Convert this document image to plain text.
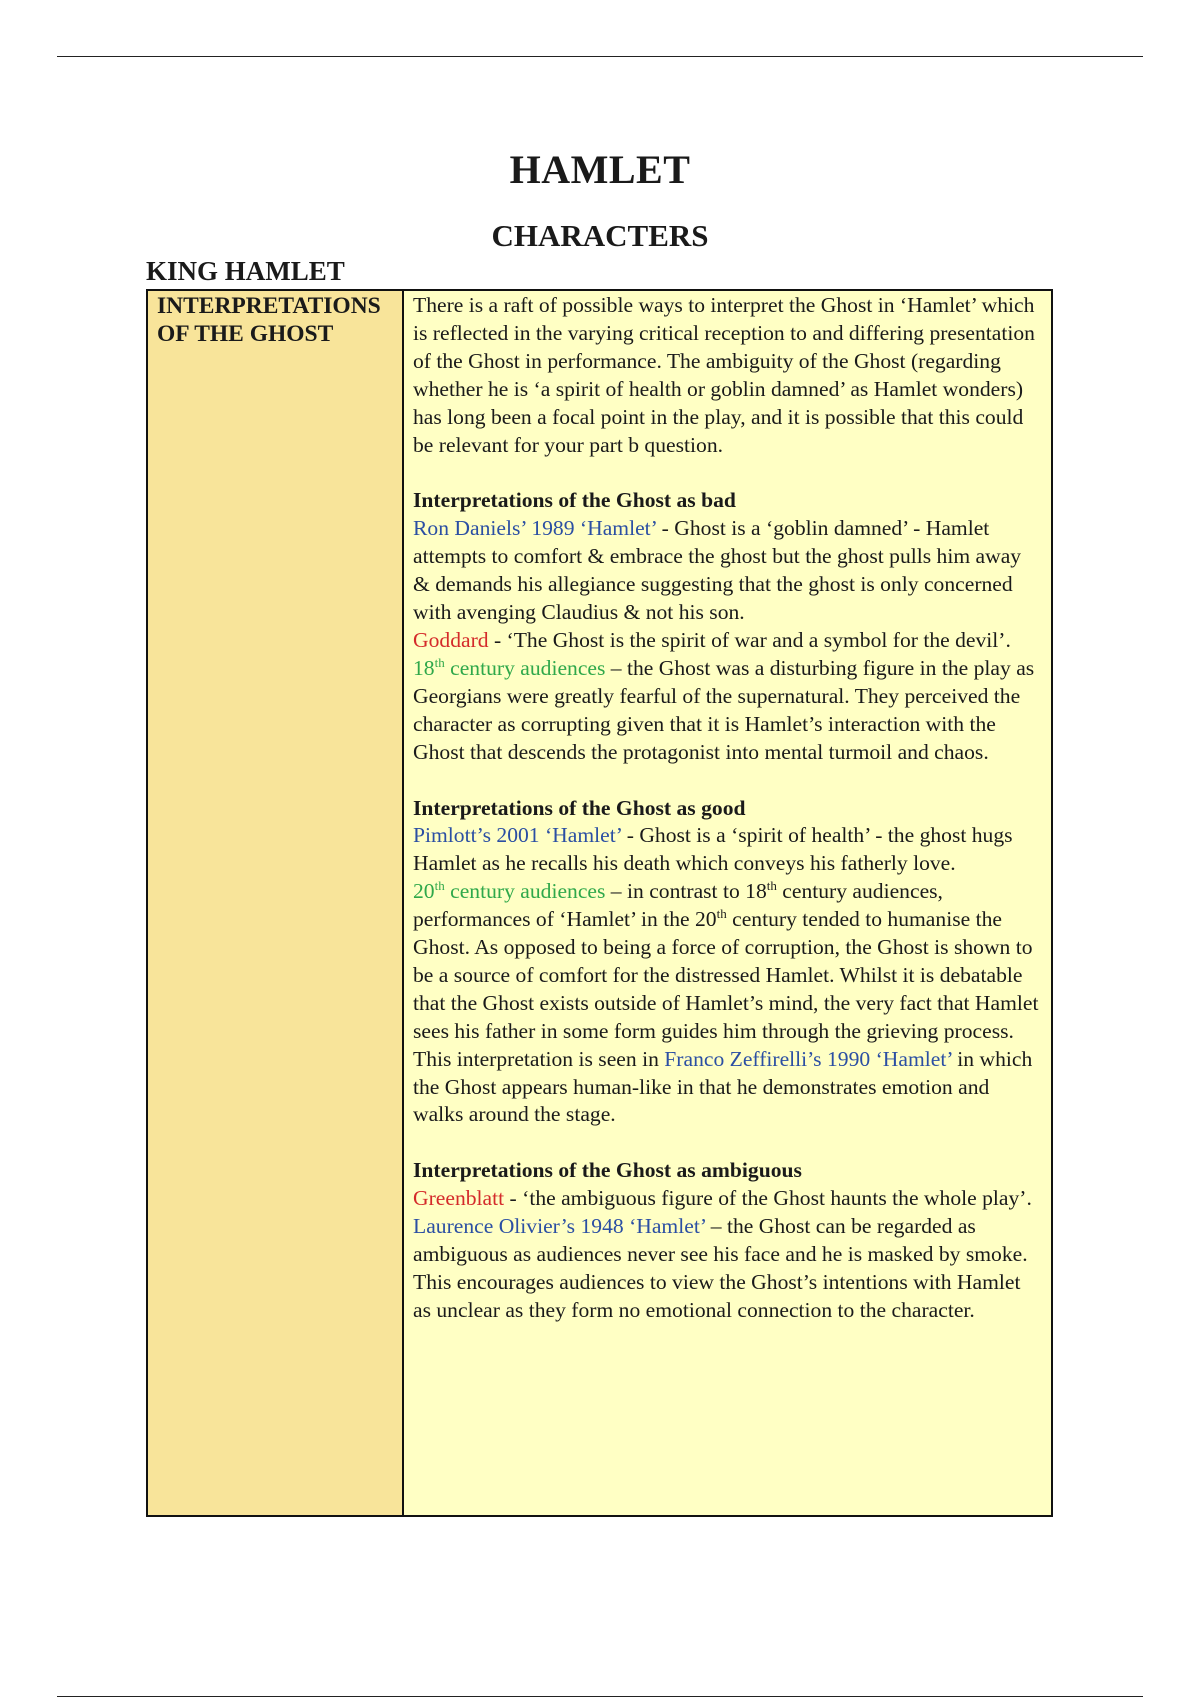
HAMLET
CHARACTERS
KING HAMLET
INTERPRETATIONS OF THE GHOST

There is a raft of possible ways to interpret the Ghost in ‘Hamlet’ which is reflected in the varying critical reception to and differing presentation of the Ghost in performance. The ambiguity of the Ghost (regarding whether he is ‘a spirit of health or goblin damned’ as Hamlet wonders) has long been a focal point in the play, and it is possible that this could be relevant for your part b question.

Interpretations of the Ghost as bad

Ron Daniels’ 1989 ‘Hamlet’ - Ghost is a ‘goblin damned’ - Hamlet attempts to comfort & embrace the ghost but the ghost pulls him away & demands his allegiance suggesting that the ghost is only concerned with avenging Claudius & not his son.

Goddard - ‘The Ghost is the spirit of war and a symbol for the devil’.

18th century audiences – the Ghost was a disturbing figure in the play as Georgians were greatly fearful of the supernatural. They perceived the character as corrupting given that it is Hamlet’s interaction with the Ghost that descends the protagonist into mental turmoil and chaos.

Interpretations of the Ghost as good

Pimlott’s 2001 ‘Hamlet’ - Ghost is a ‘spirit of health’ - the ghost hugs Hamlet as he recalls his death which conveys his fatherly love.

20th century audiences – in contrast to 18th century audiences, performances of ‘Hamlet’ in the 20th century tended to humanise the Ghost. As opposed to being a force of corruption, the Ghost is shown to be a source of comfort for the distressed Hamlet. Whilst it is debatable that the Ghost exists outside of Hamlet’s mind, the very fact that Hamlet sees his father in some form guides him through the grieving process. This interpretation is seen in Franco Zeffirelli’s 1990 ‘Hamlet’ in which the Ghost appears human-like in that he demonstrates emotion and walks around the stage.

Interpretations of the Ghost as ambiguous

Greenblatt - ‘the ambiguous figure of the Ghost haunts the whole play’.

Laurence Olivier’s 1948 ‘Hamlet’ – the Ghost can be regarded as ambiguous as audiences never see his face and he is masked by smoke. This encourages audiences to view the Ghost’s intentions with Hamlet as unclear as they form no emotional connection to the character.
